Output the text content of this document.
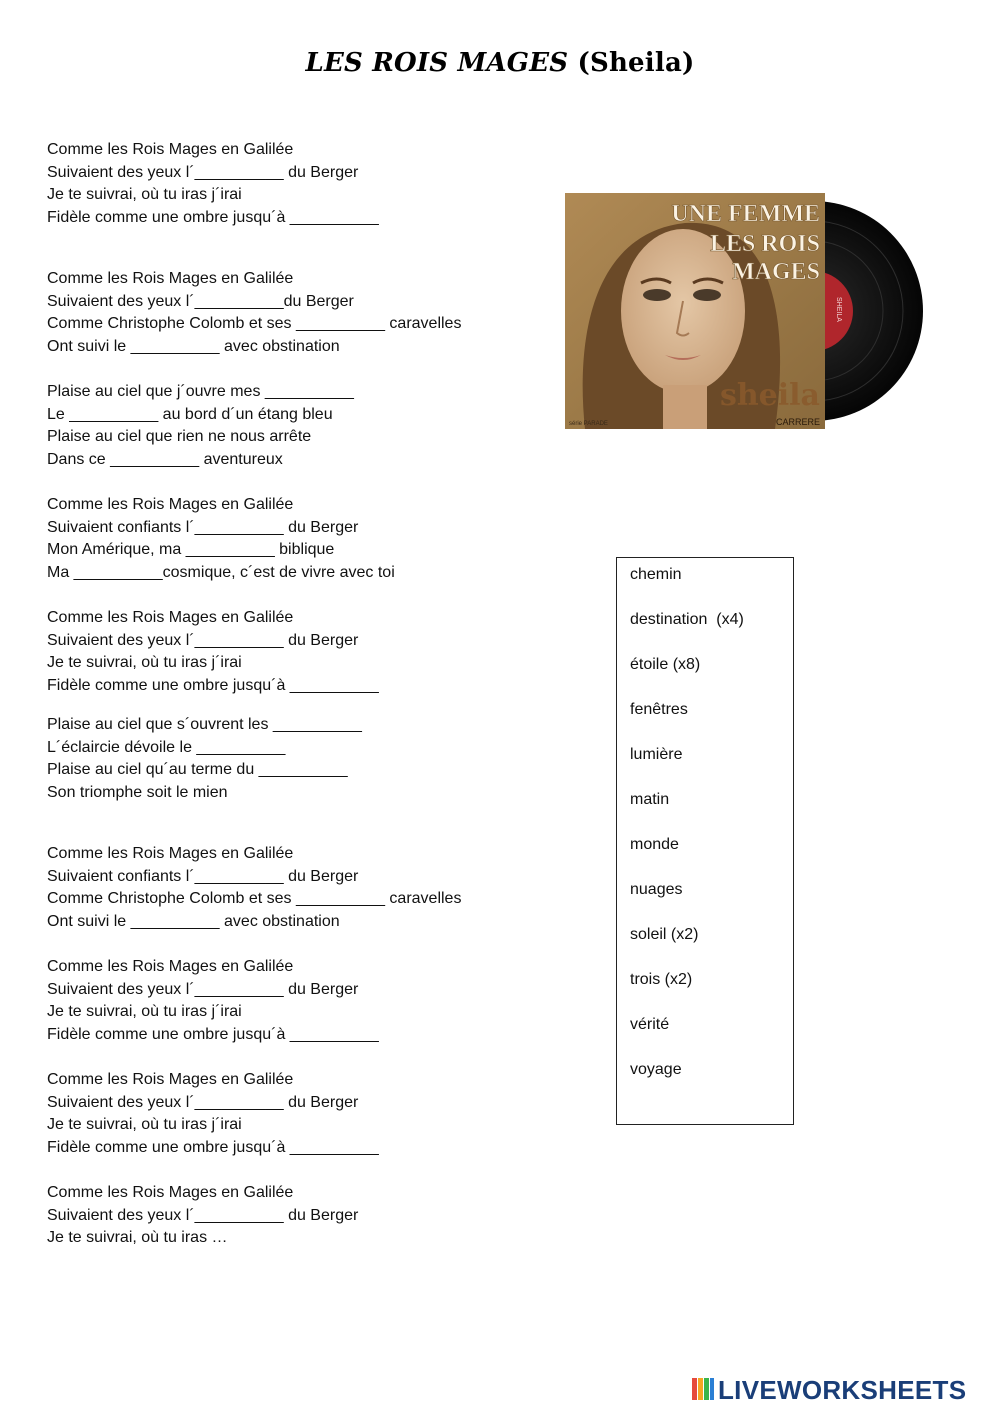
LES ROIS MAGES (Sheila)
Comme les Rois Mages en Galilée
Suivaient des yeux l´__________ du Berger
Je te suivrai, où tu iras j´irai
Fidèle comme une ombre jusqu´à __________
Comme les Rois Mages en Galilée
Suivaient des yeux l´__________du Berger
Comme Christophe Colomb et ses __________ caravelles
Ont suivi le __________ avec obstination
Plaise au ciel que j´ouvre mes __________
Le __________ au bord d´un étang bleu
Plaise au ciel que rien ne nous arrête
Dans ce __________ aventureux
Comme les Rois Mages en Galilée
Suivaient confiants l´__________ du Berger
Mon Amérique, ma __________ biblique
Ma __________cosmique, c´est de vivre avec toi
Comme les Rois Mages en Galilée
Suivaient des yeux l´__________ du Berger
Je te suivrai, où tu iras j´irai
Fidèle comme une ombre jusqu´à __________
Plaise au ciel que s´ouvrent les __________
L´éclaircie dévoile le __________
Plaise au ciel qu´au terme du __________
Son triomphe soit le mien
Comme les Rois Mages en Galilée
Suivaient confiants l´__________ du Berger
Comme Christophe Colomb et ses __________ caravelles
Ont suivi le __________ avec obstination
Comme les Rois Mages en Galilée
Suivaient des yeux l´__________ du Berger
Je te suivrai, où tu iras j´irai
Fidèle comme une ombre jusqu´à __________
Comme les Rois Mages en Galilée
Suivaient des yeux l´__________ du Berger
Je te suivrai, où tu iras j´irai
Fidèle comme une ombre jusqu´à __________
Comme les Rois Mages en Galilée
Suivaient des yeux l´__________ du Berger
Je te suivrai, où tu iras …
SHEILA
UNE FEMME
LES ROIS
MAGES
sheila
série PARADE	CARRERE
chemin
destination  (x4)
étoile (x8)
fenêtres
lumière
matin
monde
nuages
soleil (x2)
trois (x2)
vérité
voyage
LIVEWORKSHEETS
